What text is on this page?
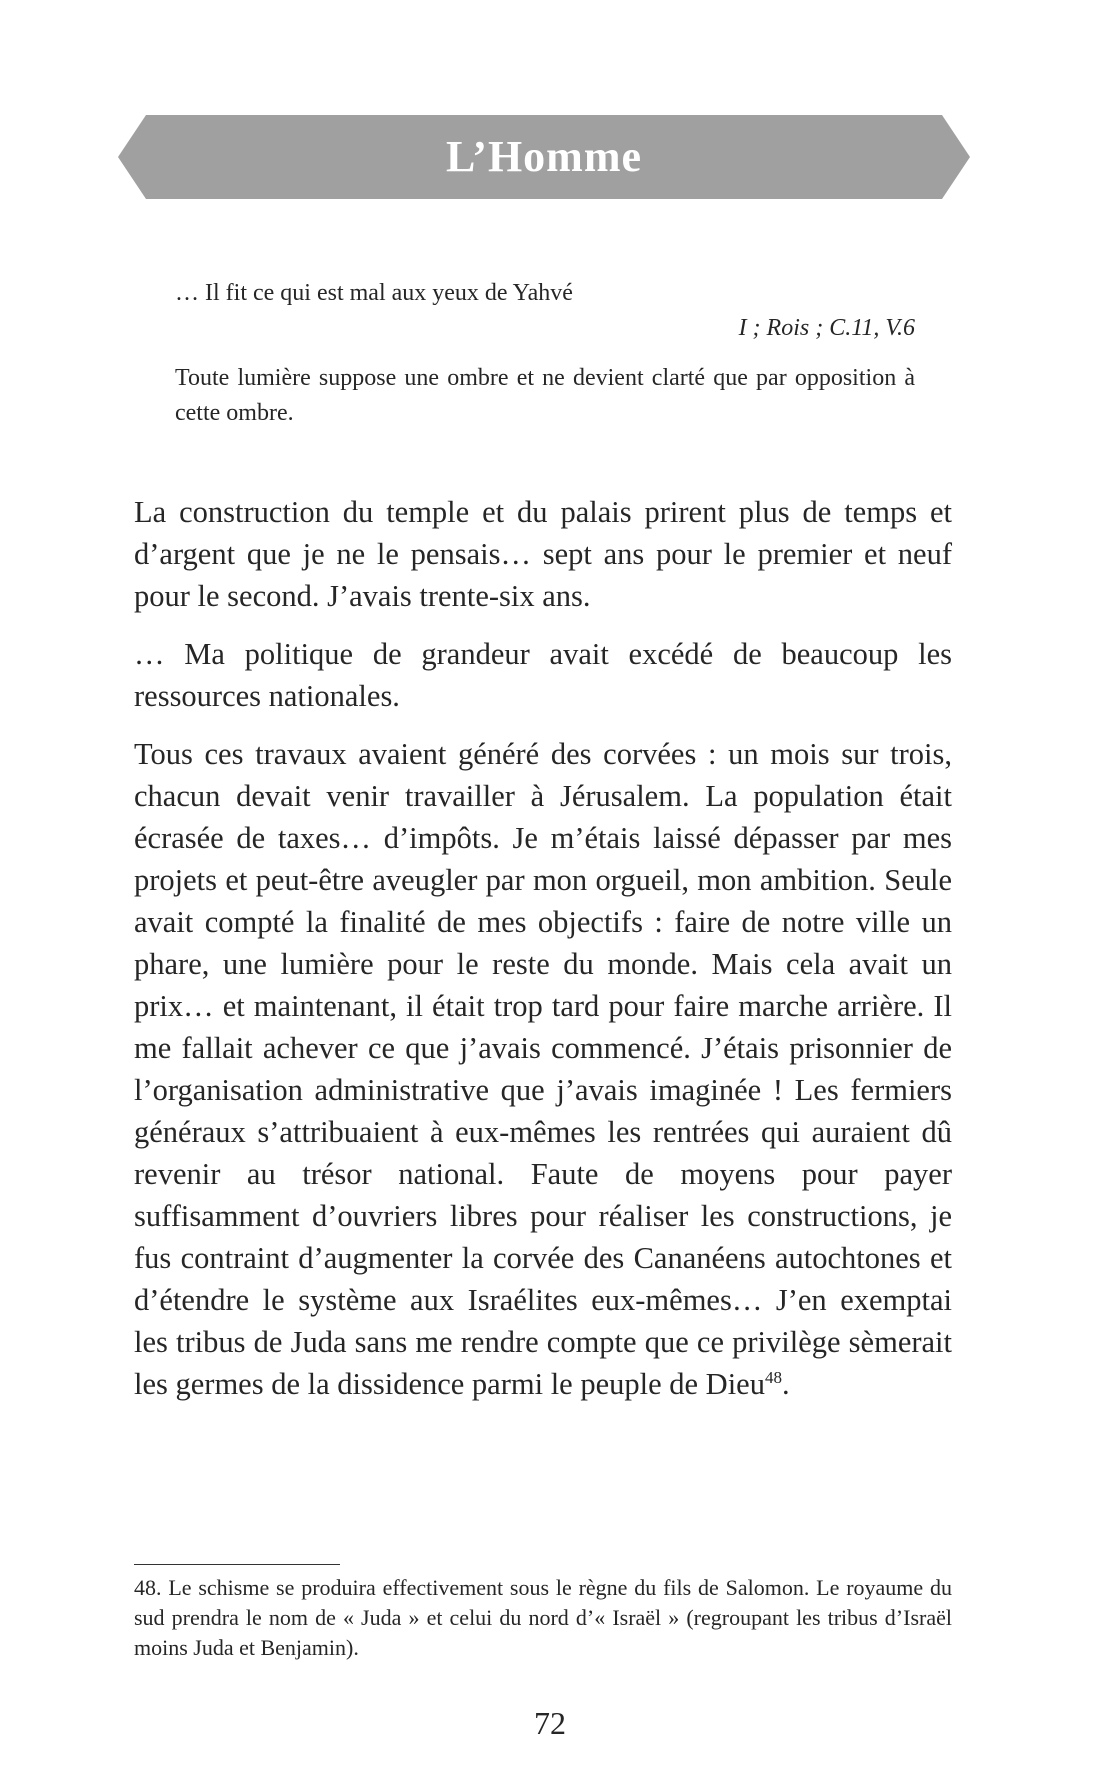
L’Homme
… Il fit ce qui est mal aux yeux de Yahvé
I ; Rois ; C.11, V.6
Toute lumière suppose une ombre et ne devient clarté que par opposition à cette ombre.

La construction du temple et du palais prirent plus de temps et d’argent que je ne le pensais… sept ans pour le premier et neuf pour le second. J’avais trente-six ans.

… Ma politique de grandeur avait excédé de beaucoup les ressources nationales.

Tous ces travaux avaient généré des corvées : un mois sur trois, chacun devait venir travailler à Jérusalem. La population était écrasée de taxes… d’impôts. Je m’étais laissé dépasser par mes projets et peut-être aveugler par mon orgueil, mon ambition. Seule avait compté la finalité de mes objectifs : faire de notre ville un phare, une lumière pour le reste du monde. Mais cela avait un prix… et maintenant, il était trop tard pour faire marche arrière. Il me fallait achever ce que j’avais commencé. J’étais prisonnier de l’organisation administrative que j’avais imaginée ! Les fermiers généraux s’attribuaient à eux-mêmes les rentrées qui auraient dû revenir au trésor national. Faute de moyens pour payer suffisamment d’ouvriers libres pour réaliser les constructions, je fus contraint d’augmenter la corvée des Cananéens autochtones et d’étendre le système aux Israélites eux-mêmes… J’en exemptai les tribus de Juda sans me rendre compte que ce privilège sèmerait les germes de la dissidence parmi le peuple de Dieu$^{48}$.

48. Le schisme se produira effectivement sous le règne du fils de Salomon. Le royaume du sud prendra le nom de « Juda » et celui du nord d’« Israël » (regroupant les tribus d’Israël moins Juda et Benjamin).

72
